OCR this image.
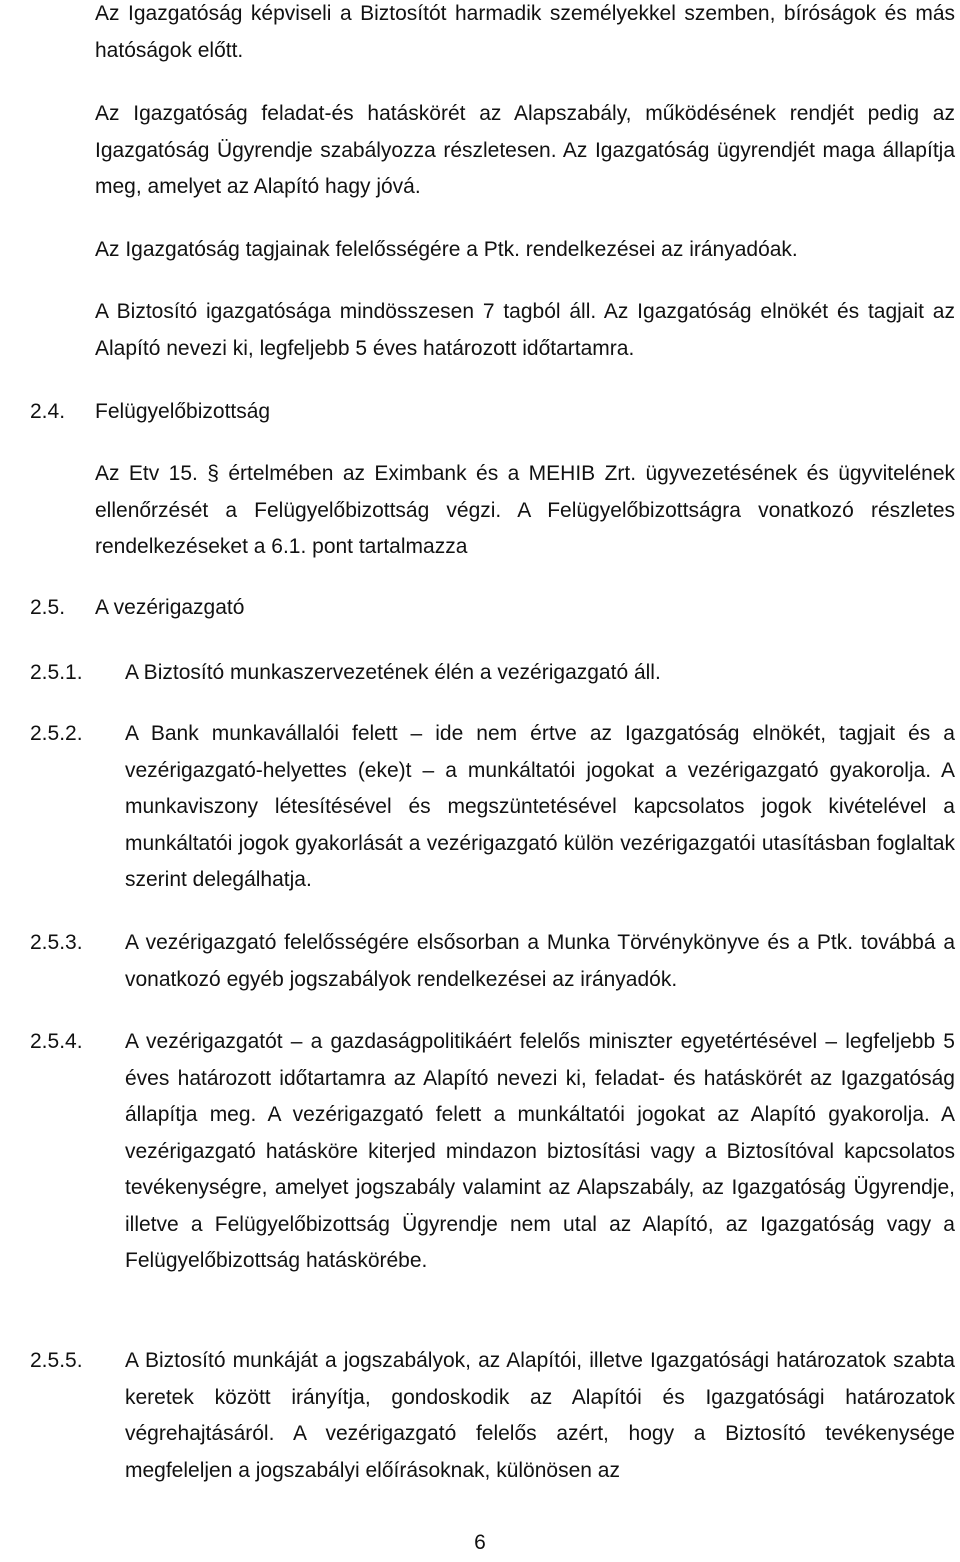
Az Igazgatóság képviseli a Biztosítót harmadik személyekkel szemben, bíróságok és más hatóságok előtt.

Az Igazgatóság feladat-és hatáskörét az Alapszabály, működésének rendjét pedig az Igazgatóság Ügyrendje szabályozza részletesen. Az Igazgatóság ügyrendjét maga állapítja meg, amelyet az Alapító hagy jóvá.

Az Igazgatóság tagjainak felelősségére a Ptk. rendelkezései az irányadóak.

A Biztosító igazgatósága mindösszesen 7 tagból áll. Az Igazgatóság elnökét és tagjait az Alapító nevezi ki, legfeljebb 5 éves határozott időtartamra.

2.4. Felügyelőbizottság

Az Etv 15. § értelmében az Eximbank és a MEHIB Zrt. ügyvezetésének és ügyvitelének ellenőrzését a Felügyelőbizottság végzi. A Felügyelőbizottságra vonatkozó részletes rendelkezéseket a 6.1. pont tartalmazza

2.5. A vezérigazgató
2.5.1. A Biztosító munkaszervezetének élén a vezérigazgató áll.

2.5.2. A Bank munkavállalói felett – ide nem értve az Igazgatóság elnökét, tagjait és a vezérigazgató-helyettes (eke)t – a munkáltatói jogokat a vezérigazgató gyakorolja. A munkaviszony létesítésével és megszüntetésével kapcsolatos jogok kivételével a munkáltatói jogok gyakorlását a vezérigazgató külön vezérigazgatói utasításban foglaltak szerint delegálhatja.

2.5.3. A vezérigazgató felelősségére elsősorban a Munka Törvénykönyve és a Ptk. továbbá a vonatkozó egyéb jogszabályok rendelkezései az irányadók.

2.5.4. A vezérigazgatót – a gazdaságpolitikáért felelős miniszter egyetértésével – legfeljebb 5 éves határozott időtartamra az Alapító nevezi ki, feladat- és hatáskörét az Igazgatóság állapítja meg. A vezérigazgató felett a munkáltatói jogokat az Alapító gyakorolja. A vezérigazgató hatásköre kiterjed mindazon biztosítási vagy a Biztosítóval kapcsolatos tevékenységre, amelyet jogszabály valamint az Alapszabály, az Igazgatóság Ügyrendje, illetve a Felügyelőbizottság Ügyrendje nem utal az Alapító, az Igazgatóság vagy a Felügyelőbizottság hatáskörébe.

2.5.5. A Biztosító munkáját a jogszabályok, az Alapítói, illetve Igazgatósági határozatok szabta keretek között irányítja, gondoskodik az Alapítói és Igazgatósági határozatok végrehajtásáról. A vezérigazgató felelős azért, hogy a Biztosító tevékenysége megfeleljen a jogszabályi előírásoknak, különösen az

6
